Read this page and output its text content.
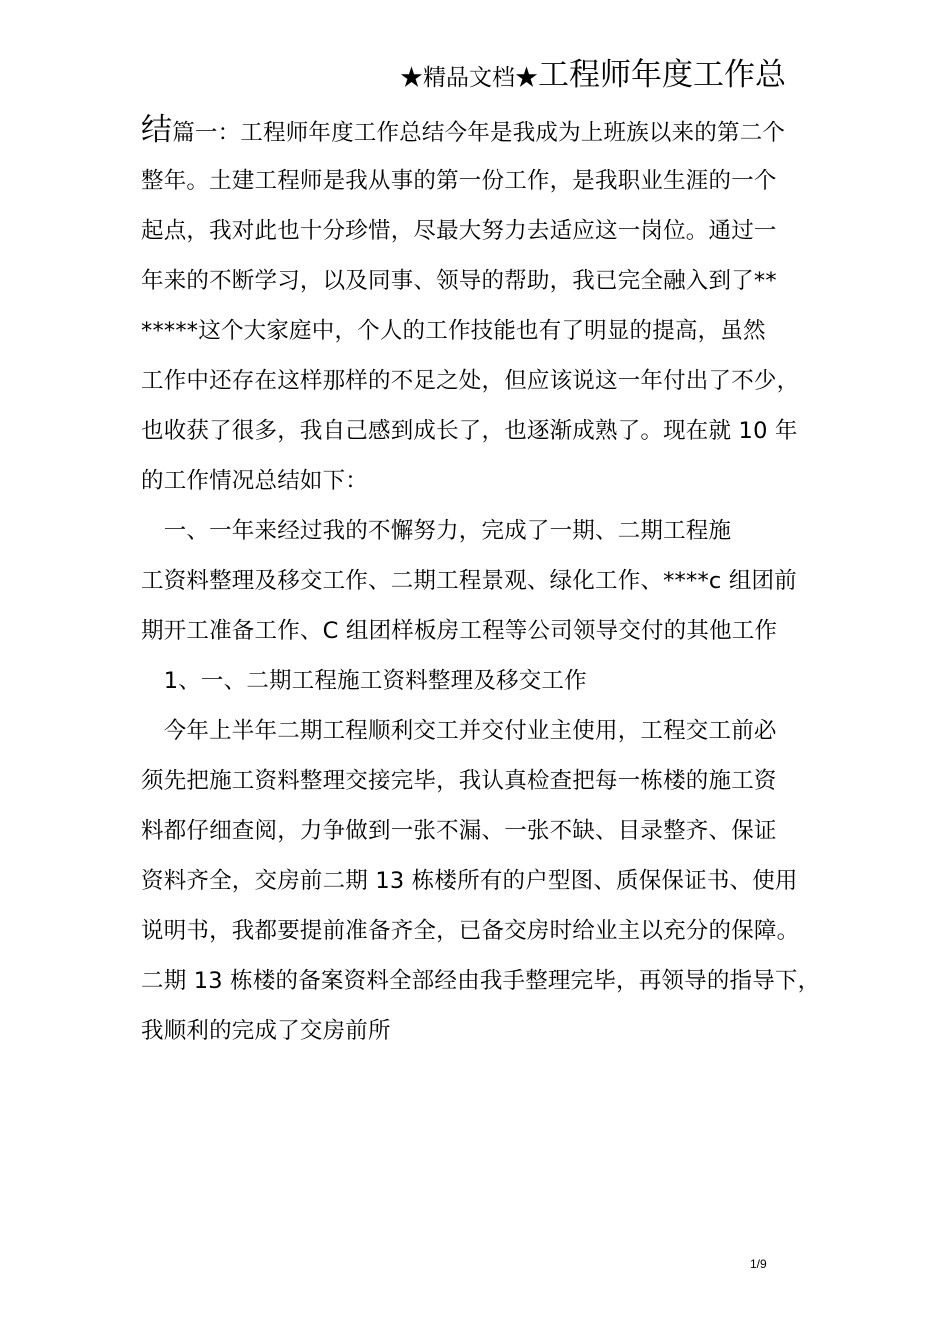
★精品文档★工程师年度工作总
结篇一：工程师年度工作总结今年是我成为上班族以来的第二个
整年。土建工程师是我从事的第一份工作，是我职业生涯的一个
起点，我对此也十分珍惜，尽最大努力去适应这一岗位。通过一
年来的不断学习，以及同事、领导的帮助，我已完全融入到了**
*****这个大家庭中，个人的工作技能也有了明显的提高，虽然
工作中还存在这样那样的不足之处，但应该说这一年付出了不少，
也收获了很多，我自己感到成长了，也逐渐成熟了。现在就 10 年
的工作情况总结如下：
　一、一年来经过我的不懈努力，完成了一期、二期工程施
工资料整理及移交工作、二期工程景观、绿化工作、****c 组团前
期开工准备工作、C 组团样板房工程等公司领导交付的其他工作
　1、一、二期工程施工资料整理及移交工作
　今年上半年二期工程顺利交工并交付业主使用，工程交工前必
须先把施工资料整理交接完毕，我认真检查把每一栋楼的施工资
料都仔细查阅，力争做到一张不漏、一张不缺、目录整齐、保证
资料齐全，交房前二期 13 栋楼所有的户型图、质保保证书、使用
说明书，我都要提前准备齐全，已备交房时给业主以充分的保障。
二期 13 栋楼的备案资料全部经由我手整理完毕，再领导的指导下，
我顺利的完成了交房前所
1/9
